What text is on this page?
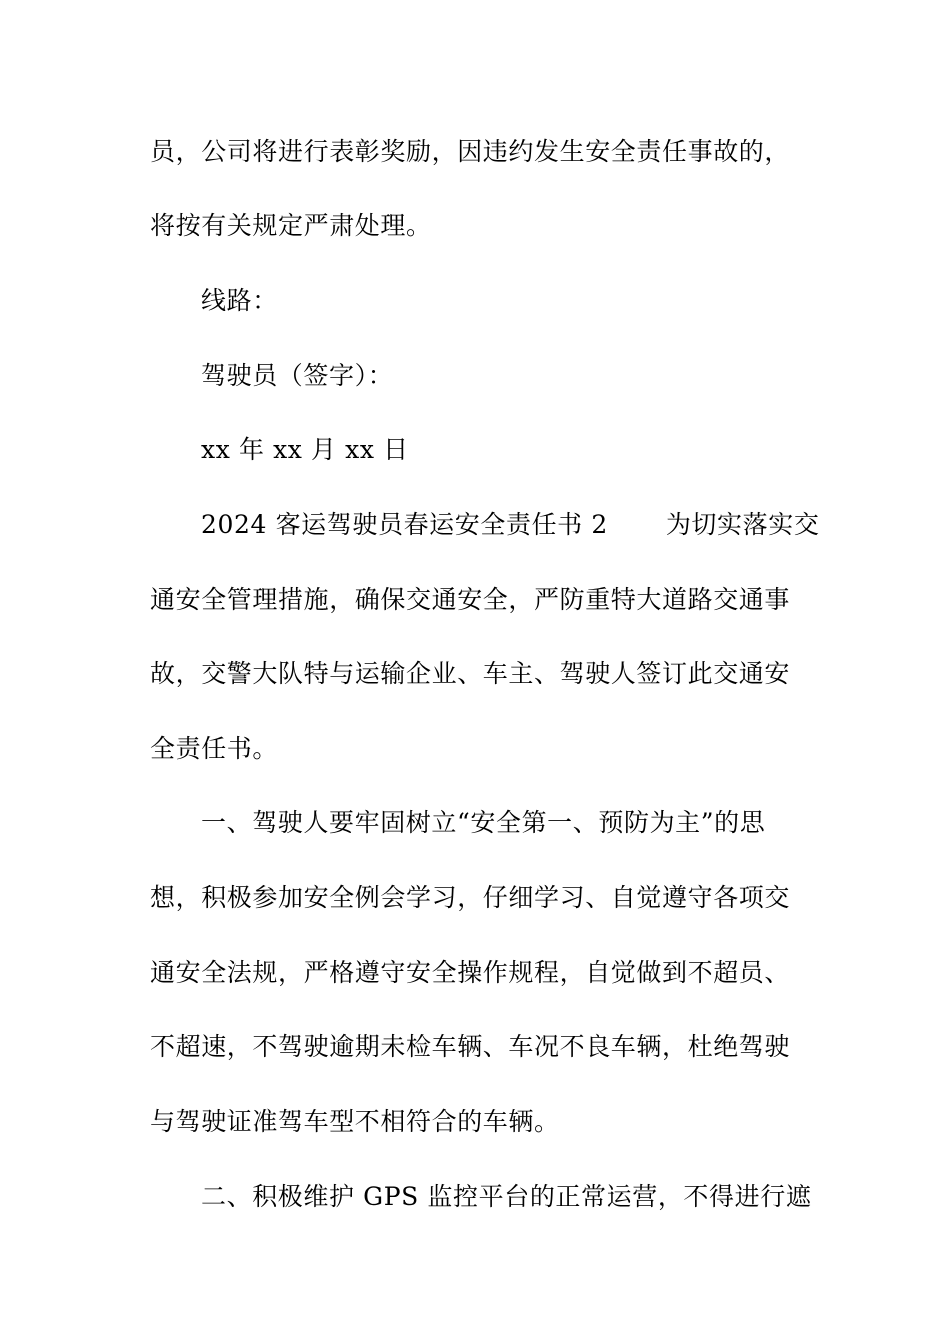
员，公司将进行表彰奖励，因违约发生安全责任事故的，
将按有关规定严肃处理。
线路：
驾驶员（签字）：
xx 年 xx 月 xx 日
2024 客运驾驶员春运安全责任书 2 为切实落实交
通安全管理措施，确保交通安全，严防重特大道路交通事
故，交警大队特与运输企业、车主、驾驶人签订此交通安
全责任书。
一、驾驶人要牢固树立“安全第一、预防为主”的思
想，积极参加安全例会学习，仔细学习、自觉遵守各项交
通安全法规，严格遵守安全操作规程，自觉做到不超员、
不超速，不驾驶逾期未检车辆、车况不良车辆，杜绝驾驶
与驾驶证准驾车型不相符合的车辆。
二、积极维护 GPS 监控平台的正常运营，不得进行遮
